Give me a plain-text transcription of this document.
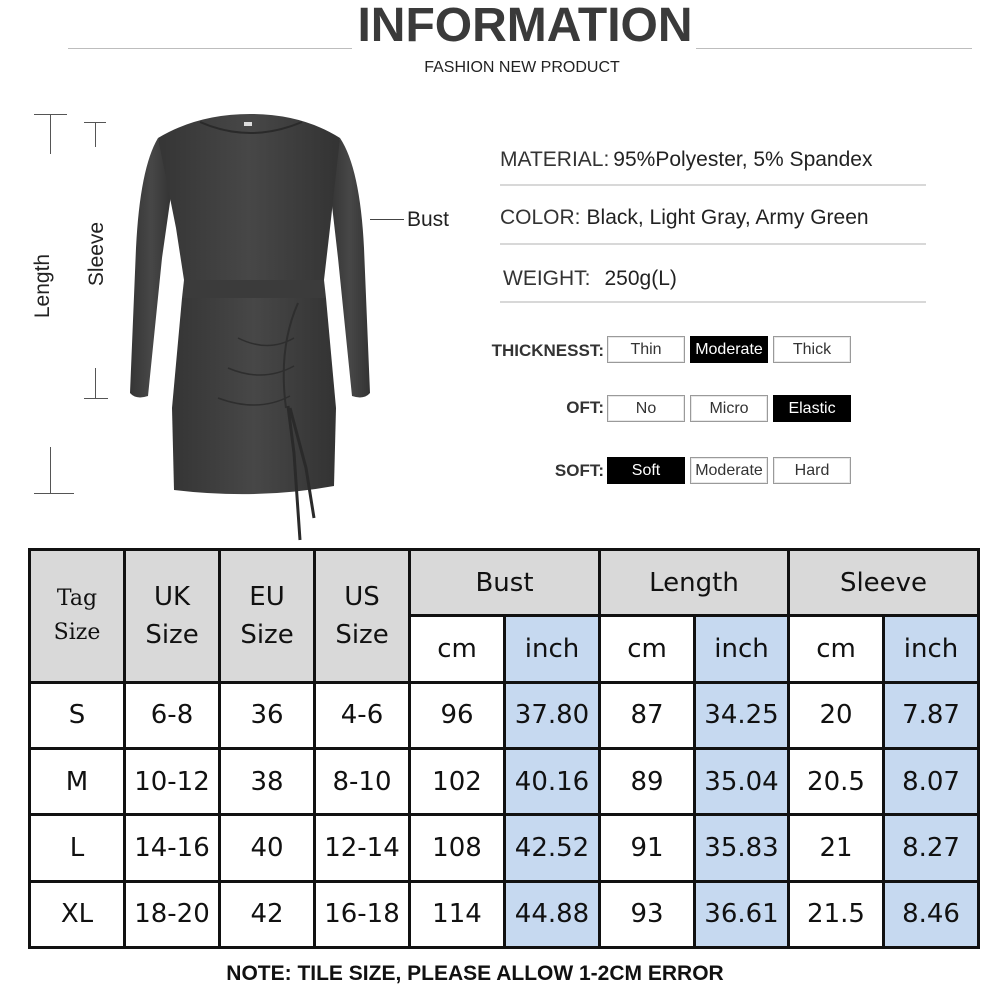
INFORMATION
FASHION NEW PRODUCT
Length Sleeve
Bust
MATERIAL: 95%Polyester, 5% Spandex
COLOR: Black, Light Gray, Army Green
WEIGHT: 250g(L)
THICKNESST:	Thin	Moderate	Thick
OFT:	No	Micro	Elastic
SOFT:	Soft	Moderate	Hard
Tag Size	UK Size	EU Size	US Size	Bust		Length		Sleeve	
				cm	inch	cm	inch	cm	inch
S	6-8	36	4-6	96	37.80	87	34.25	20	7.87
M	10-12	38	8-10	102	40.16	89	35.04	20.5	8.07
L	14-16	40	12-14	108	42.52	91	35.83	21	8.27
XL	18-20	42	16-18	114	44.88	93	36.61	21.5	8.46
NOTE: TILE SIZE, PLEASE ALLOW 1-2CM ERROR
